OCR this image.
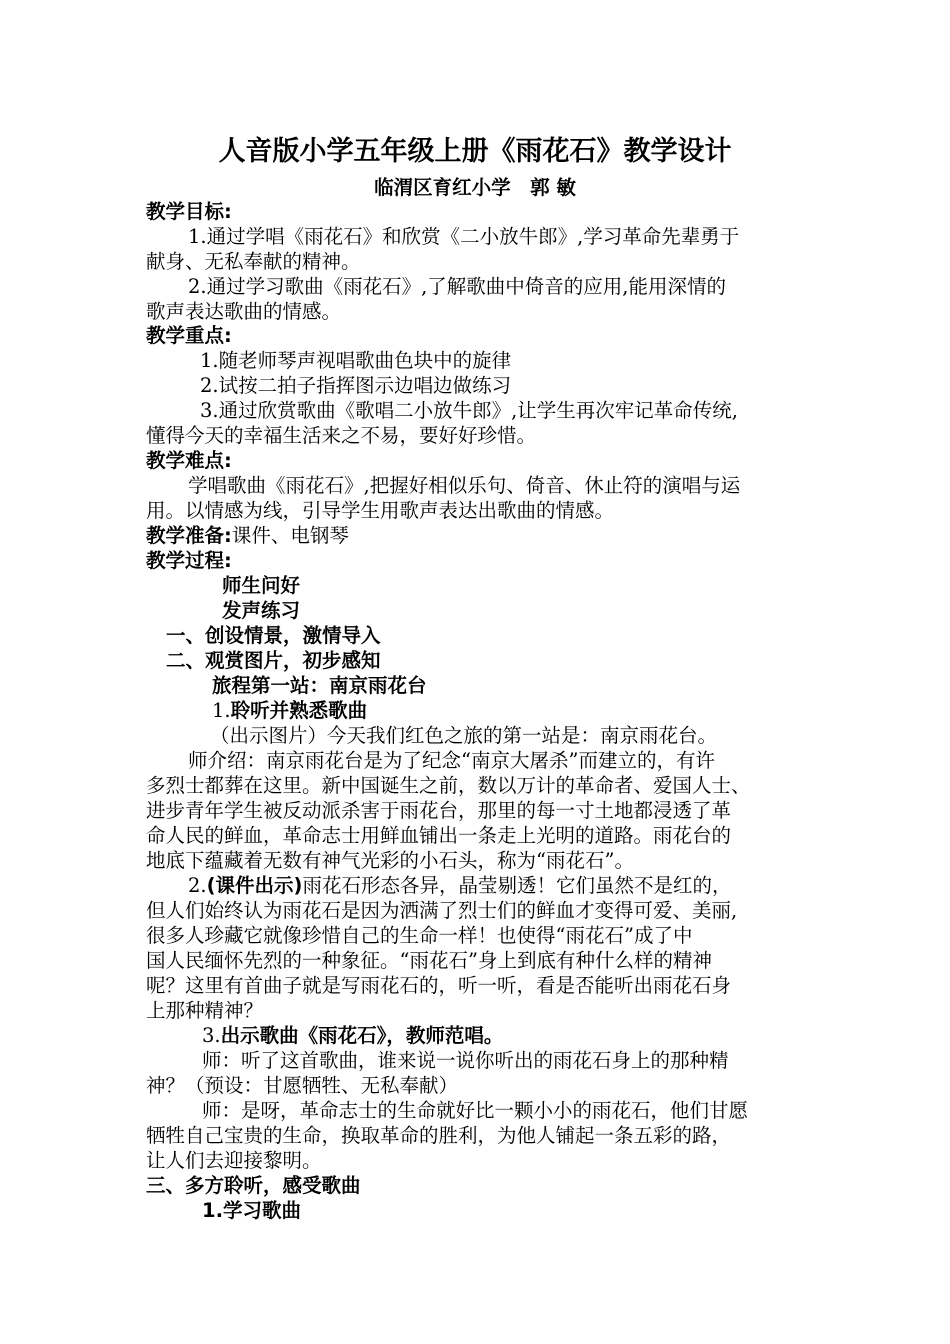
人音版小学五年级上册《雨花石》教学设计
临渭区育红小学　郭 敏
教学目标:
1.通过学唱《雨花石》和欣赏《二小放牛郎》,学习革命先辈勇于
献身、无私奉献的精神。
2.通过学习歌曲《雨花石》,了解歌曲中倚音的应用,能用深情的
歌声表达歌曲的情感。
教学重点:
1.随老师琴声视唱歌曲色块中的旋律
2.试按二拍子指挥图示边唱边做练习
3.通过欣赏歌曲《歌唱二小放牛郎》,让学生再次牢记革命传统,
懂得今天的幸福生活来之不易，要好好珍惜。
教学难点:
学唱歌曲《雨花石》,把握好相似乐句、倚音、休止符的演唱与运
用。以情感为线，引导学生用歌声表达出歌曲的情感。
教学准备:课件、电钢琴
教学过程:
师生问好
发声练习
一、创设情景，激情导入
二、观赏图片，初步感知
旅程第一站：南京雨花台
1.聆听并熟悉歌曲
（出示图片）今天我们红色之旅的第一站是：南京雨花台。
师介绍：南京雨花台是为了纪念“南京大屠杀”而建立的，有许
多烈士都葬在这里。新中国诞生之前，数以万计的革命者、爱国人士、
进步青年学生被反动派杀害于雨花台，那里的每一寸土地都浸透了革
命人民的鲜血，革命志士用鲜血铺出一条走上光明的道路。雨花台的
地底下蕴藏着无数有神气光彩的小石头，称为“雨花石”。
2.(课件出示)雨花石形态各异，晶莹剔透！它们虽然不是红的，
但人们始终认为雨花石是因为洒满了烈士们的鲜血才变得可爱、美丽,
很多人珍藏它就像珍惜自己的生命一样！也使得“雨花石”成了中
国人民缅怀先烈的一种象征。“雨花石”身上到底有种什么样的精神
呢？这里有首曲子就是写雨花石的，听一听，看是否能听出雨花石身
上那种精神？
3.出示歌曲《雨花石》，教师范唱。
师：听了这首歌曲，谁来说一说你听出的雨花石身上的那种精
神？（预设：甘愿牺牲、无私奉献）
师：是呀，革命志士的生命就好比一颗小小的雨花石，他们甘愿
牺牲自己宝贵的生命，换取革命的胜利，为他人铺起一条五彩的路，
让人们去迎接黎明。
三、多方聆听，感受歌曲
1.学习歌曲
